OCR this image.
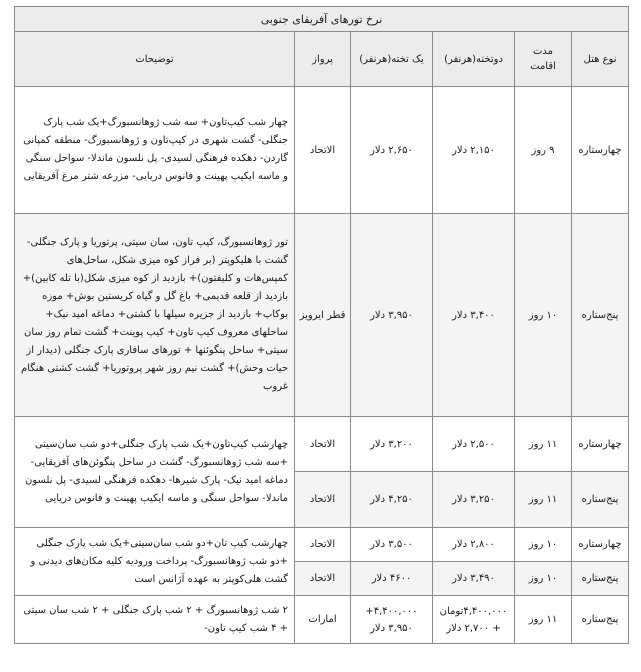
نرخ تورهای آفریقای جنوبی					
نوع هتل	مدت اقامت	دوتخته(هرنفر)	یک تخته(هرنفر)	پرواز	توضیحات
چهارستاره	۹ روز	۲,۱۵۰ دلار	۲,۶۵۰ دلار	الاتحاد	چهار شب کیپ‌تاون+ سه شب ژوهانسبورگ+یک شب پارک جنگلی- گشت شهری در کیپ‌تاون و ژوهانسبورگ- منطقه کمپانی گاردن- دهکده فرهنگی لسیدی- پل نلسون ماندلا- سواحل سنگی و ماسه ایکیپ پهینت و فانوس دریایی- مزرعه شتر مرغ آفریقایی
پنج‌ستاره	۱۰ روز	۳,۴۰۰ دلار	۳,۹۵۰ دلار	قطر ایرویز	تور ژوهانسبورگ، کیپ تاون، سان سیتی، پرتوریا و پارک جنگلی- گشت با هلیکوپتر (بر فراز کوه میزی شکل، ساحل‌های کمپس‌هات و کلیفتون)+ بازدید از کوه میزی شکل(با تله کابین)+ بازدید از قلعه قدیمی+ باغ گل و گیاه کریستین بوش+ موزه بوکاپ+ بازدید از جزیره سیلها با کشتی+ دماغه امید نیک+ ساحلهای معروف کیپ تاون+ کیپ پوینت+ گشت تمام روز سان سیتی+ ساحل پنگوئنها + تورهای سافاری پارک جنگلی (دیدار از حیات وحش)+ گشت نیم روز شهر پروتوریا+ گشت کشتی هنگام غروب
چهارستاره	۱۱ روز	۲,۵۰۰ دلار	۳,۲۰۰ دلار	الاتحاد	چهارشب کیپ‌تاون+یک شب پارک جنگلی+دو شب سان‌سیتی +سه شب ژوهانسبورگ- گشت در ساحل پنگوئن‌های آفریقایی- دماغه امید نیک- پارک شیرها- دهکده فرهنگی لسیدی- پل نلسون ماندلا- سواحل سنگی و ماسه ایکیپ پهینت و فانوس دریایی
پنج‌ستاره	۱۱ روز	۳,۲۵۰ دلار	۴,۲۵۰ دلار	الاتحاد	
چهارستاره	۱۰ روز	۲,۸۰۰ دلار	۳,۵۰۰ دلار	الاتحاد	چهارشب کیپ تان+دو شب سان‌سیتی+یک شب پارک جنگلی +دو شب ژوهانسبورگ- پرداخت ورودیه کلیه مکان‌های دیدنی و گشت هلی‌کوپتر به عهده آژانس است
پنج‌ستاره	۱۰ روز	۳,۴۹۰ دلار	۴۶۰۰ دلار	الاتحاد	
پنج‌ستاره	۱۱ روز	۴,۴۰۰,۰۰۰تومان + ۲,۷۰۰ دلار	۴,۴۰۰,۰۰۰+ ۳,۹۵۰ دلار	امارات	۲ شب ژوهانسبورگ + ۲ شب پارک جنگلی + ۲ شب سان سیتی + ۴ شب کیپ تاون-
